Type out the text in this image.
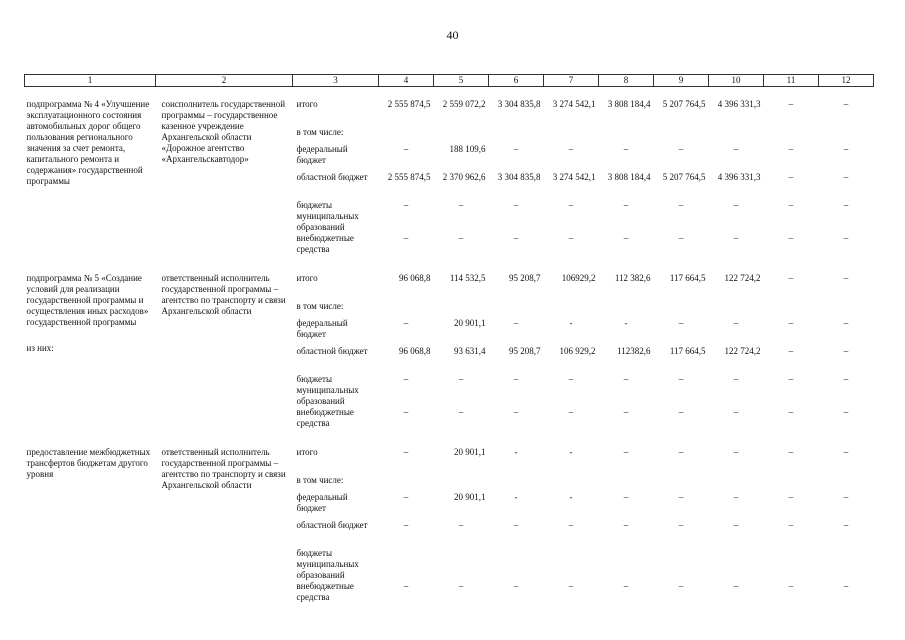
40
1	2	3	4	5	6	7	8	9	10	11	12

подпрограмма № 4 «Улучшение эксплуатационного состояния автомобильных дорог общего пользования регионального значения за счет ремонта, капитального ремонта и содержания» государственной программы
	соисполнитель государственной программы – государственное казенное учреждение Архангельской области «Дорожное агентство «Архангельскавтодор»	итого	2 555 874,5	2 559 072,2	3 304 835,8	3 274 542,1	3 808 184,4	5 207 764,5	4 396 331,3	–	–
в том числе:									
федеральный бюджет	–	188 109,6	–	–	–	–	–	–	–
областной бюджет	2 555 874,5	2 370 962,6	3 304 835,8	3 274 542,1	3 808 184,4	5 207 764,5	4 396 331,3	–	–
бюджеты муниципальных образований	–	–	–	–	–	–	–	–	–
внебюджетные средства	–	–	–	–	–	–	–	–	–

подпрограмма № 5 «Создание условий для реализации государственной программы и осуществления иных расходов» государственной программы
из них:
	ответственный исполнитель государственной программы – агентство по транспорту и связи Архангельской области	итого	96 068,8	114 532,5	95 208,7	106929,2	112 382,6	117 664,5	122 724,2	–	–
в том числе:									
федеральный бюджет	–	20 901,1	–	-	-	–	–	–	–
областной бюджет	96 068,8	93 631,4	95 208,7	106 929,2	112382,6	117 664,5	122 724,2	–	–
бюджеты муниципальных образований	–	–	–	–	–	–	–	–	–
внебюджетные средства	–	–	–	–	–	–	–	–	–

предоставление межбюджетных трансфертов бюджетам другого уровня
	ответственный исполнитель государственной программы – агентство по транспорту и связи Архангельской области	итого	–	20 901,1	-	-	–	–	–	–	–
в том числе:									
федеральный бюджет	–	20 901,1	-	-	–	–	–	–	–
областной бюджет	–	–	–	–	–	–	–	–	–
бюджеты муниципальных образований									
внебюджетные средства	–	–	–	–	–	–	–	–	–
